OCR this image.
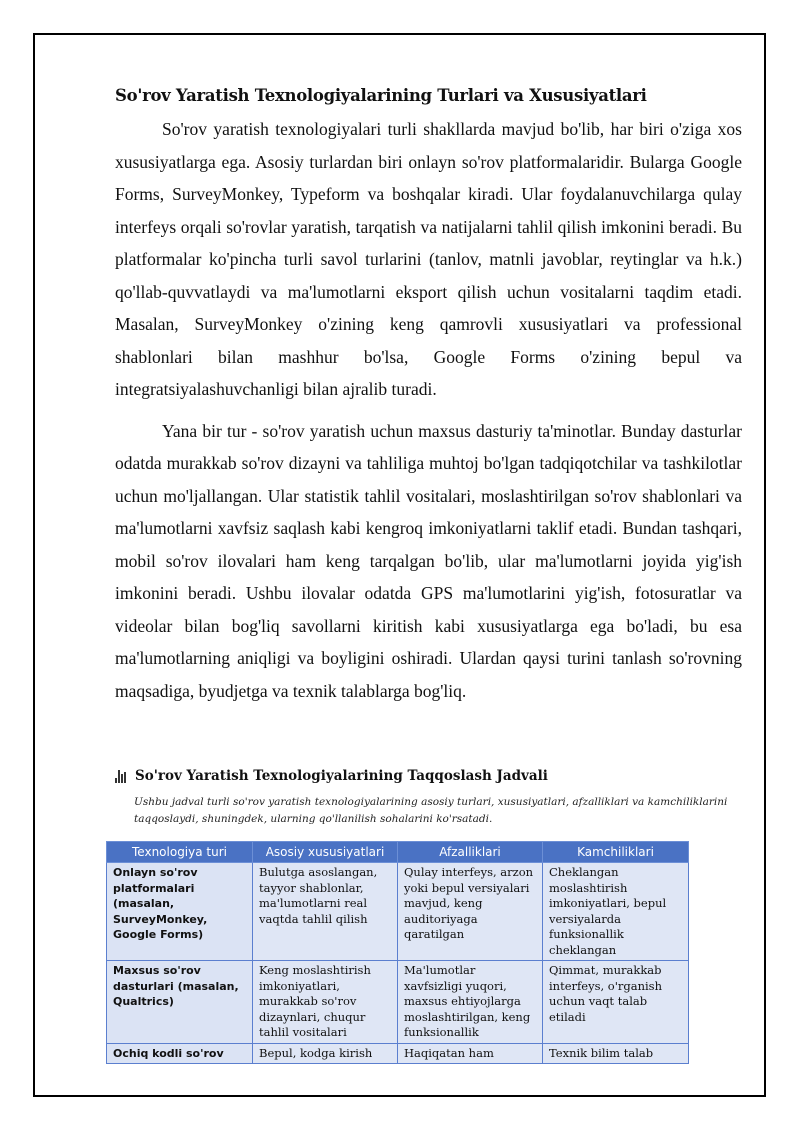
So'rov Yaratish Texnologiyalarining Turlari va Xususiyatlari

So'rov yaratish texnologiyalari turli shakllarda mavjud bo'lib, har biri o'ziga xos xususiyatlarga ega. Asosiy turlardan biri onlayn so'rov platformalaridir. Bularga Google Forms, SurveyMonkey, Typeform va boshqalar kiradi. Ular foydalanuvchilarga qulay interfeys orqali so'rovlar yaratish, tarqatish va natijalarni tahlil qilish imkonini beradi. Bu platformalar ko'pincha turli savol turlarini (tanlov, matnli javoblar, reytinglar va h.k.) qo'llab-quvvatlaydi va ma'lumotlarni eksport qilish uchun vositalarni taqdim etadi. Masalan, SurveyMonkey o'zining keng qamrovli xususiyatlari va professional shablonlari bilan mashhur bo'lsa, Google Forms o'zining bepul va integratsiyalashuvchanligi bilan ajralib turadi.

Yana bir tur - so'rov yaratish uchun maxsus dasturiy ta'minotlar. Bunday dasturlar odatda murakkab so'rov dizayni va tahliliga muhtoj bo'lgan tadqiqotchilar va tashkilotlar uchun mo'ljallangan. Ular statistik tahlil vositalari, moslashtirilgan so'rov shablonlari va ma'lumotlarni xavfsiz saqlash kabi kengroq imkoniyatlarni taklif etadi. Bundan tashqari, mobil so'rov ilovalari ham keng tarqalgan bo'lib, ular ma'lumotlarni joyida yig'ish imkonini beradi. Ushbu ilovalar odatda GPS ma'lumotlarini yig'ish, fotosuratlar va videolar bilan bog'liq savollarni kiritish kabi xususiyatlarga ega bo'ladi, bu esa ma'lumotlarning aniqligi va boyligini oshiradi. Ulardan qaysi turini tanlash so'rovning maqsadiga, byudjetga va texnik talablarga bog'liq.

So'rov Yaratish Texnologiyalarining Taqqoslash Jadvali
Ushbu jadval turli so'rov yaratish texnologiyalarining asosiy turlari, xususiyatlari, afzalliklari va kamchiliklarini taqqoslaydi, shuningdek, ularning qo'llanilish sohalarini ko'rsatadi.
Texnologiya turi	Asosiy xususiyatlari	Afzalliklari	Kamchiliklari
Onlayn so'rov platformalari (masalan, SurveyMonkey, Google Forms)	Bulutga asoslangan, tayyor shablonlar, ma'lumotlarni real vaqtda tahlil qilish	Qulay interfeys, arzon yoki bepul versiyalari mavjud, keng auditoriyaga qaratilgan	Cheklangan moslashtirish imkoniyatlari, bepul versiyalarda funksionallik cheklangan
Maxsus so'rov dasturlari (masalan, Qualtrics)	Keng moslashtirish imkoniyatlari, murakkab so'rov dizaynlari, chuqur tahlil vositalari	Ma'lumotlar xavfsizligi yuqori, maxsus ehtiyojlarga moslashtirilgan, keng funksionallik	Qimmat, murakkab interfeys, o'rganish uchun vaqt talab etiladi
Ochiq kodli so'rov	Bepul, kodga kirish	Haqiqatan ham	Texnik bilim talab
